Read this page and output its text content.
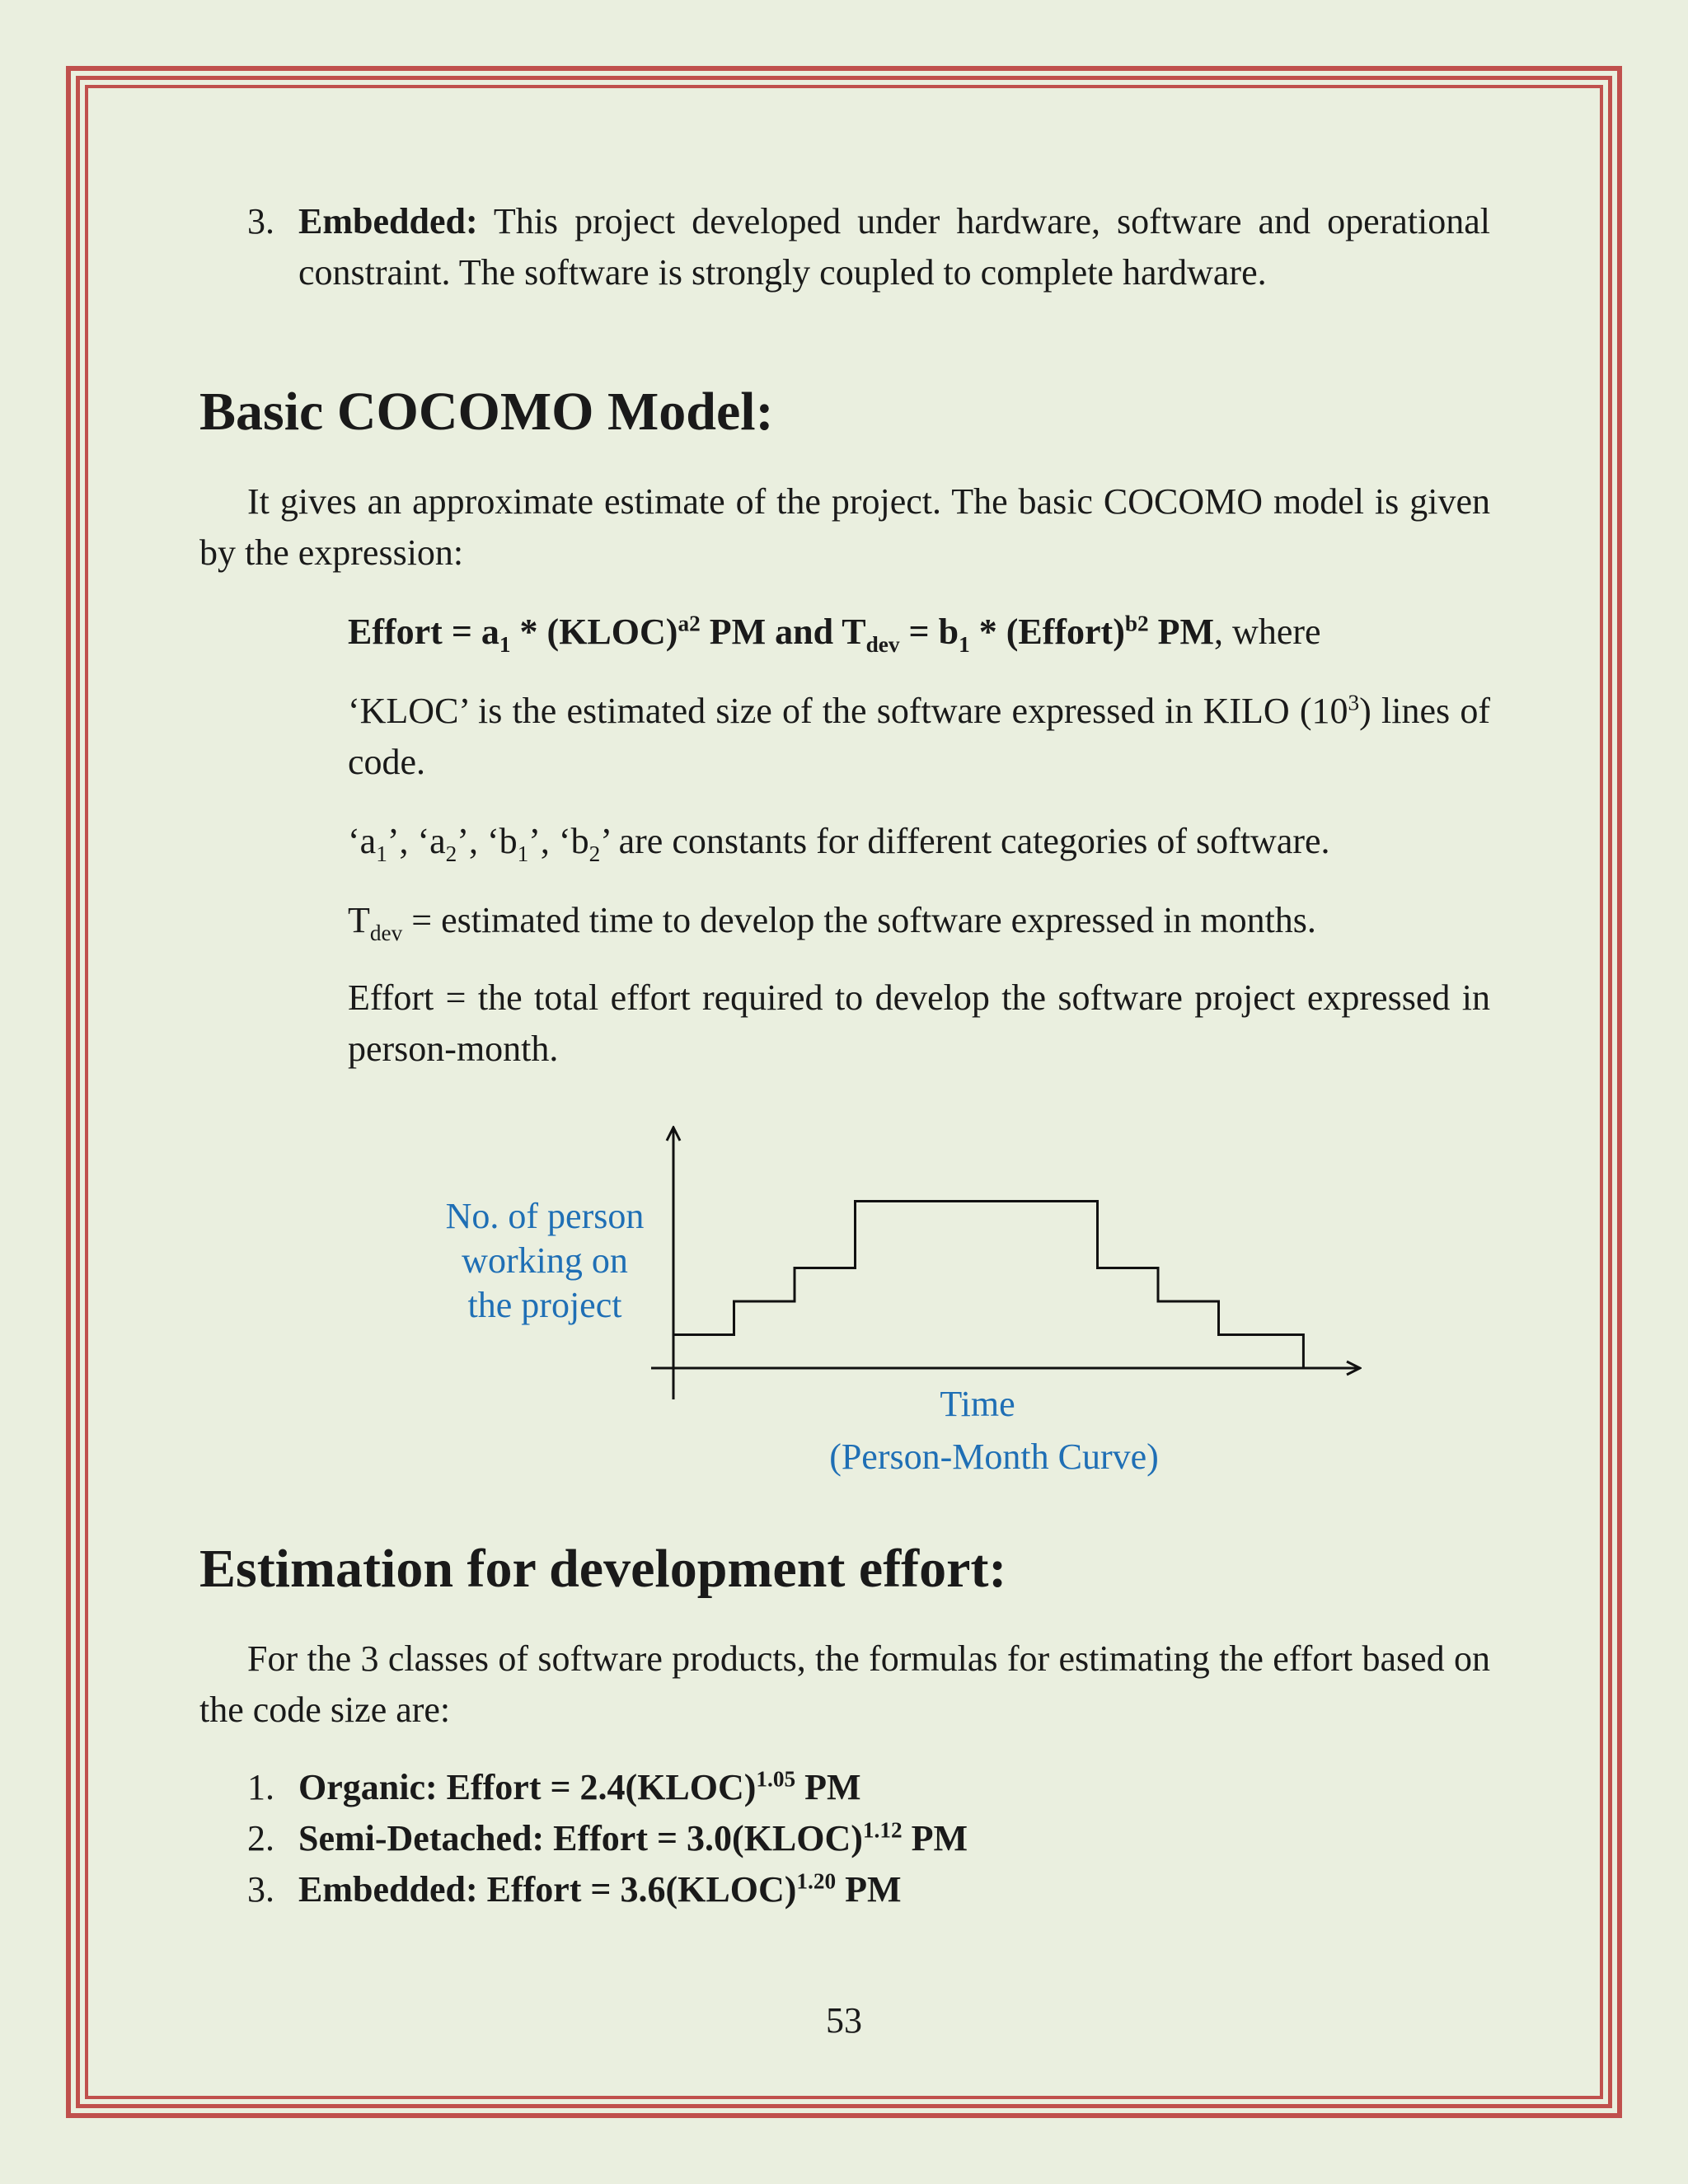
3. Embedded: This project developed under hardware, software and operational constraint. The software is strongly coupled to complete hardware.

Basic COCOMO Model:

It gives an approximate estimate of the project. The basic COCOMO model is given by the expression:

Effort = $a_1$ * (KLOC)$^{a2}$ PM and $T_{dev} = b_1$ * (Effort)$^{b2}$ PM, where

‘KLOC’ is the estimated size of the software expressed in KILO $(10^3)$ lines of code.

‘$a_1$’, ‘$a_2$’, ‘$b_1$’, ‘$b_2$’ are constants for different categories of software.

$T_{dev}$ = estimated time to develop the software expressed in months.

Effort = the total effort required to develop the software project expressed in person-month.

No. of person
working on
the project
Time
(Person-Month Curve)
Estimation for development effort:

For the 3 classes of software products, the formulas for estimating the effort based on the code size are:

1. Organic: Effort = 2.4(KLOC)$^{1.05}$ PM
2. Semi-Detached: Effort = 3.0(KLOC)$^{1.12}$ PM
3. Embedded: Effort = 3.6(KLOC)$^{1.20}$ PM
53
